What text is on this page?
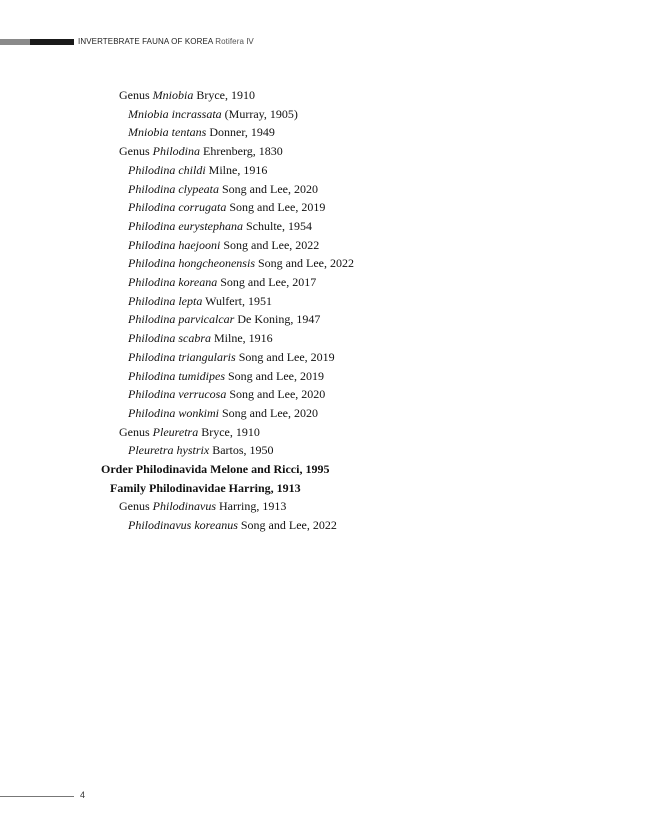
INVERTEBRATE FAUNA OF KOREA Rotifera Ⅳ
Genus Mniobia Bryce, 1910
Mniobia incrassata (Murray, 1905)
Mniobia tentans Donner, 1949
Genus Philodina Ehrenberg, 1830
Philodina childi Milne, 1916
Philodina clypeata Song and Lee, 2020
Philodina corrugata Song and Lee, 2019
Philodina eurystephana Schulte, 1954
Philodina haejooni Song and Lee, 2022
Philodina hongcheonensis Song and Lee, 2022
Philodina koreana Song and Lee, 2017
Philodina lepta Wulfert, 1951
Philodina parvicalcar De Koning, 1947
Philodina scabra Milne, 1916
Philodina triangularis Song and Lee, 2019
Philodina tumidipes Song and Lee, 2019
Philodina verrucosa Song and Lee, 2020
Philodina wonkimi Song and Lee, 2020
Genus Pleuretra Bryce, 1910
Pleuretra hystrix Bartos, 1950
Order Philodinavida Melone and Ricci, 1995
Family Philodinavidae Harring, 1913
Genus Philodinavus Harring, 1913
Philodinavus koreanus Song and Lee, 2022
4
